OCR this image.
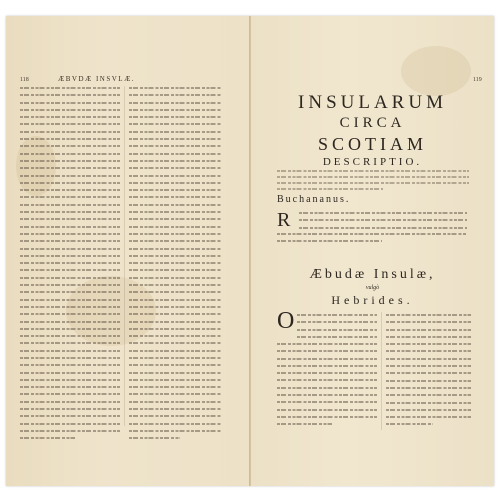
118	ÆBVDÆ INSVLÆ.	119
INSULARUM
CIRCA
SCOTIAM
DESCRIPTIO.
Buchananus.
R
Æbudæ Insulæ,
vulgò
Hebrides.
O
